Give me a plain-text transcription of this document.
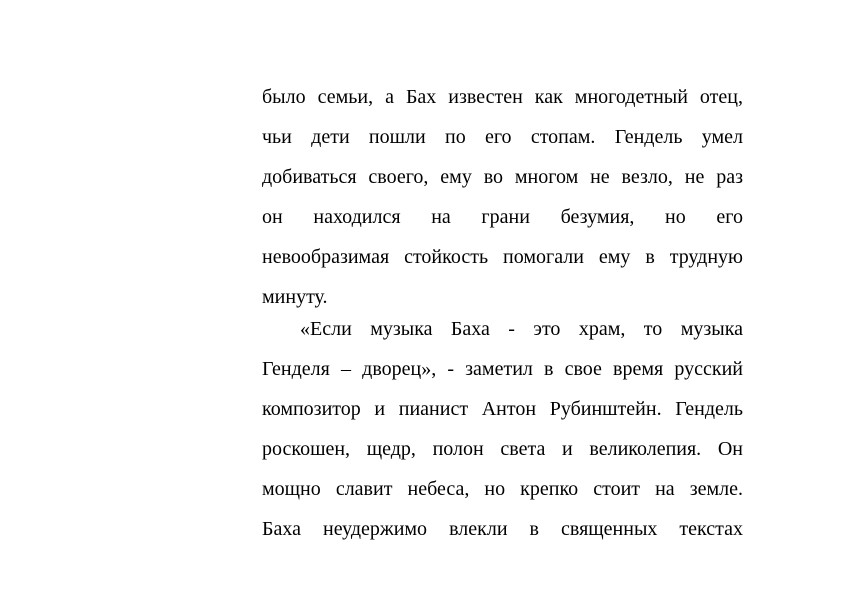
было семьи, а Бах известен как многодетный отец,
чьи дети пошли по его стопам. Гендель умел
добиваться своего, ему во многом не везло, не раз
он находился на грани безумия, но его
невообразимая стойкость помогали ему в трудную
минуту.
«Если музыка Баха - это храм, то музыка
Генделя – дворец», - заметил в свое время русский
композитор и пианист Антон Рубинштейн. Гендель
роскошен, щедр, полон света и великолепия. Он
мощно славит небеса, но крепко стоит на земле.
Баха неудержимо влекли в священных текстах
